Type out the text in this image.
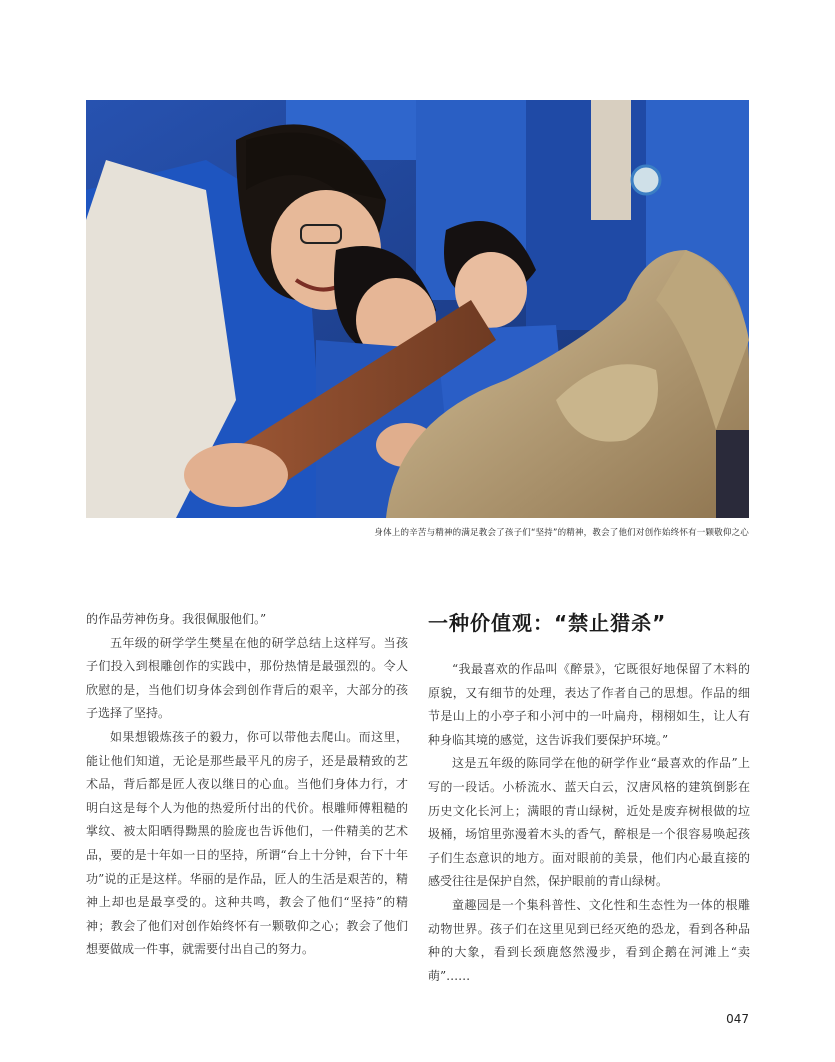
身体上的辛苦与精神的满足教会了孩子们“坚持”的精神，教会了他们对创作始终怀有一颗敬仰之心

的作品劳神伤身。我很佩服他们。”

五年级的研学学生樊星在他的研学总结上这样写。当孩子们投入到根雕创作的实践中，那份热情是最强烈的。令人欣慰的是，当他们切身体会到创作背后的艰辛，大部分的孩子选择了坚持。

如果想锻炼孩子的毅力，你可以带他去爬山。而这里，能让他们知道，无论是那些最平凡的房子，还是最精致的艺术品，背后都是匠人夜以继日的心血。当他们身体力行，才明白这是每个人为他的热爱所付出的代价。根雕师傅粗糙的掌纹、被太阳晒得黝黑的脸庞也告诉他们，一件精美的艺术品，要的是十年如一日的坚持，所谓“台上十分钟，台下十年功”说的正是这样。华丽的是作品，匠人的生活是艰苦的，精神上却也是最享受的。这种共鸣，教会了他们“坚持”的精神；教会了他们对创作始终怀有一颗敬仰之心；教会了他们想要做成一件事，就需要付出自己的努力。

一种价值观：“禁止猎杀”

“我最喜欢的作品叫《醉景》，它既很好地保留了木料的原貌，又有细节的处理，表达了作者自己的思想。作品的细节是山上的小亭子和小河中的一叶扁舟，栩栩如生，让人有种身临其境的感觉，这告诉我们要保护环境。”

这是五年级的陈同学在他的研学作业“最喜欢的作品”上写的一段话。小桥流水、蓝天白云，汉唐风格的建筑倒影在历史文化长河上；满眼的青山绿树，近处是废弃树根做的垃圾桶，场馆里弥漫着木头的香气，醉根是一个很容易唤起孩子们生态意识的地方。面对眼前的美景，他们内心最直接的感受往往是保护自然，保护眼前的青山绿树。

童趣园是一个集科普性、文化性和生态性为一体的根雕动物世界。孩子们在这里见到已经灭绝的恐龙，看到各种品种的大象，看到长颈鹿悠然漫步，看到企鹅在河滩上“卖萌”……

047
